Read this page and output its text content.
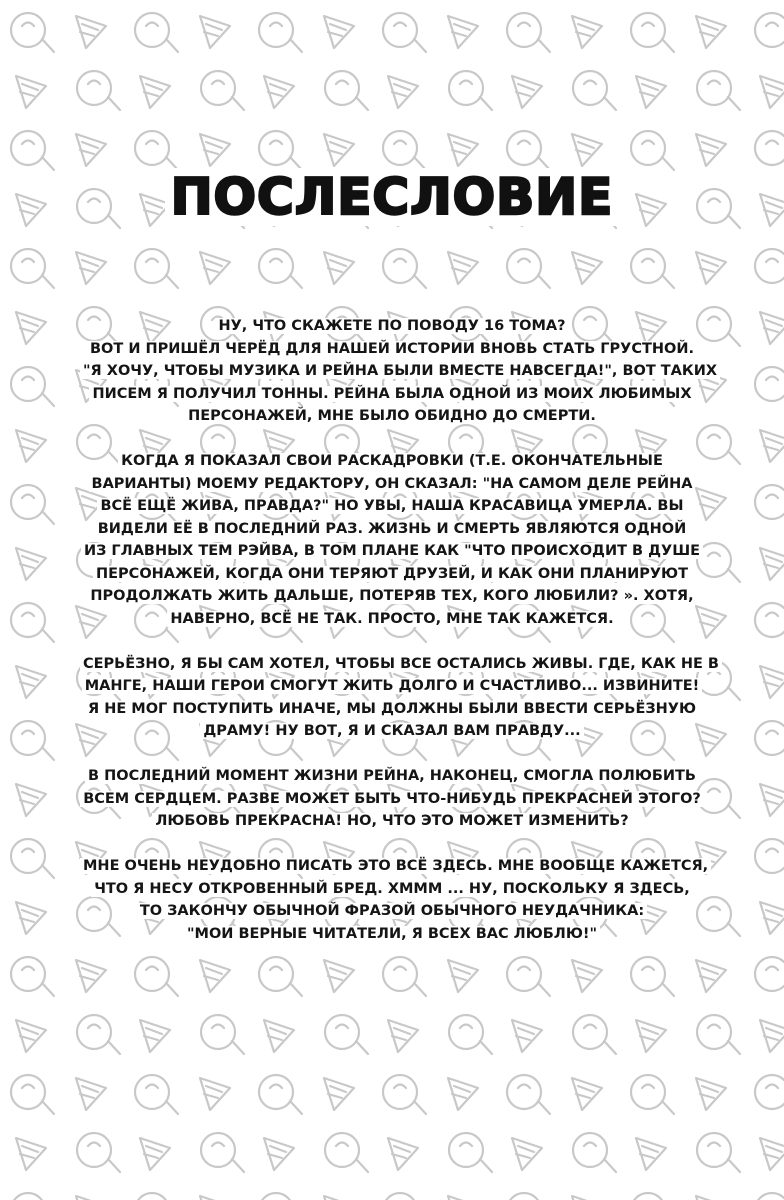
ПОСЛЕСЛОВИЕ
НУ, ЧТО СКАЖЕТЕ ПО ПОВОДУ 16 ТОМА?
ВОТ И ПРИШЁЛ ЧЕРЁД ДЛЯ НАШЕЙ ИСТОРИИ ВНОВЬ СТАТЬ ГРУСТНОЙ.
"Я ХОЧУ, ЧТОБЫ МУЗИКА И РЕЙНА БЫЛИ ВМЕСТЕ НАВСЕГДА!", ВОТ ТАКИХ
ПИСЕМ Я ПОЛУЧИЛ ТОННЫ. РЕЙНА БЫЛА ОДНОЙ ИЗ МОИХ ЛЮБИМЫХ
ПЕРСОНАЖЕЙ, МНЕ БЫЛО ОБИДНО ДО СМЕРТИ.
КОГДА Я ПОКАЗАЛ СВОИ РАСКАДРОВКИ (Т.Е. ОКОНЧАТЕЛЬНЫЕ
ВАРИАНТЫ) МОЕМУ РЕДАКТОРУ, ОН СКАЗАЛ: "НА САМОМ ДЕЛЕ РЕЙНА
ВСЁ ЕЩЁ ЖИВА, ПРАВДА?" НО УВЫ, НАША КРАСАВИЦА УМЕРЛА. ВЫ
ВИДЕЛИ ЕЁ В ПОСЛЕДНИЙ РАЗ. ЖИЗНЬ И СМЕРТЬ ЯВЛЯЮТСЯ ОДНОЙ
ИЗ ГЛАВНЫХ ТЕМ РЭЙВА, В ТОМ ПЛАНЕ КАК "ЧТО ПРОИСХОДИТ В ДУШЕ
ПЕРСОНАЖЕЙ, КОГДА ОНИ ТЕРЯЮТ ДРУЗЕЙ, И КАК ОНИ ПЛАНИРУЮТ
ПРОДОЛЖАТЬ ЖИТЬ ДАЛЬШЕ, ПОТЕРЯВ ТЕХ, КОГО ЛЮБИЛИ? ». ХОТЯ,
НАВЕРНО, ВСЁ НЕ ТАК. ПРОСТО, МНЕ ТАК КАЖЕТСЯ.
СЕРЬЁЗНО, Я БЫ САМ ХОТЕЛ, ЧТОБЫ ВСЕ ОСТАЛИСЬ ЖИВЫ. ГДЕ, КАК НЕ В
МАНГЕ, НАШИ ГЕРОИ СМОГУТ ЖИТЬ ДОЛГО И СЧАСТЛИВО... ИЗВИНИТЕ!
Я НЕ МОГ ПОСТУПИТЬ ИНАЧЕ, МЫ ДОЛЖНЫ БЫЛИ ВВЕСТИ СЕРЬЁЗНУЮ
ДРАМУ! НУ ВОТ, Я И СКАЗАЛ ВАМ ПРАВДУ...
В ПОСЛЕДНИЙ МОМЕНТ ЖИЗНИ РЕЙНА, НАКОНЕЦ, СМОГЛА ПОЛЮБИТЬ
ВСЕМ СЕРДЦЕМ. РАЗВЕ МОЖЕТ БЫТЬ ЧТО-НИБУДЬ ПРЕКРАСНЕЙ ЭТОГО?
ЛЮБОВЬ ПРЕКРАСНА! НО, ЧТО ЭТО МОЖЕТ ИЗМЕНИТЬ?
МНЕ ОЧЕНЬ НЕУДОБНО ПИСАТЬ ЭТО ВСЁ ЗДЕСЬ. МНЕ ВООБЩЕ КАЖЕТСЯ,
ЧТО Я НЕСУ ОТКРОВЕННЫЙ БРЕД. ХМММ ... НУ, ПОСКОЛЬКУ Я ЗДЕСЬ,
ТО ЗАКОНЧУ ОБЫЧНОЙ ФРАЗОЙ ОБЫЧНОГО НЕУДАЧНИКА:
"МОИ ВЕРНЫЕ ЧИТАТЕЛИ, Я ВСЕХ ВАС ЛЮБЛЮ!"
